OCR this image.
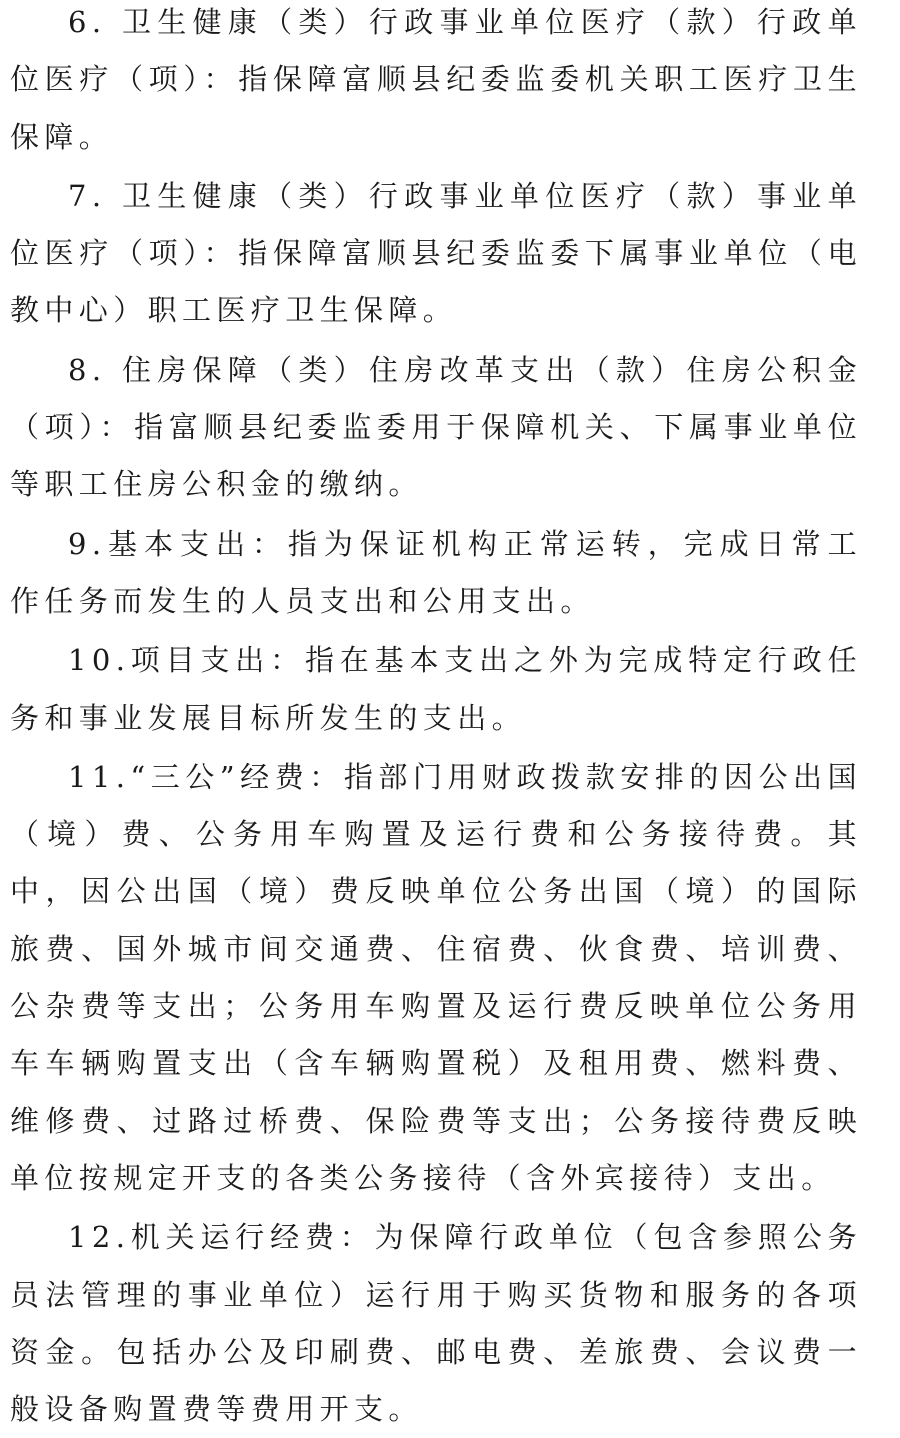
6. 卫生健康（类）行政事业单位医疗（款）行政单位医疗（项）：指保障富顺县纪委监委机关职工医疗卫生保障。

7. 卫生健康（类）行政事业单位医疗（款）事业单位医疗（项）：指保障富顺县纪委监委下属事业单位（电教中心）职工医疗卫生保障。

8. 住房保障（类）住房改革支出（款）住房公积金（项）：指富顺县纪委监委用于保障机关、下属事业单位等职工住房公积金的缴纳。

9.基本支出：指为保证机构正常运转，完成日常工作任务而发生的人员支出和公用支出。

10.项目支出：指在基本支出之外为完成特定行政任务和事业发展目标所发生的支出。

11.“三公”经费：指部门用财政拨款安排的因公出国（境）费、公务用车购置及运行费和公务接待费。其中，因公出国（境）费反映单位公务出国（境）的国际旅费、国外城市间交通费、住宿费、伙食费、培训费、公杂费等支出；公务用车购置及运行费反映单位公务用车车辆购置支出（含车辆购置税）及租用费、燃料费、维修费、过路过桥费、保险费等支出；公务接待费反映单位按规定开支的各类公务接待（含外宾接待）支出。

12.机关运行经费：为保障行政单位（包含参照公务员法管理的事业单位）运行用于购买货物和服务的各项资金。包括办公及印刷费、邮电费、差旅费、会议费一般设备购置费等费用开支。
